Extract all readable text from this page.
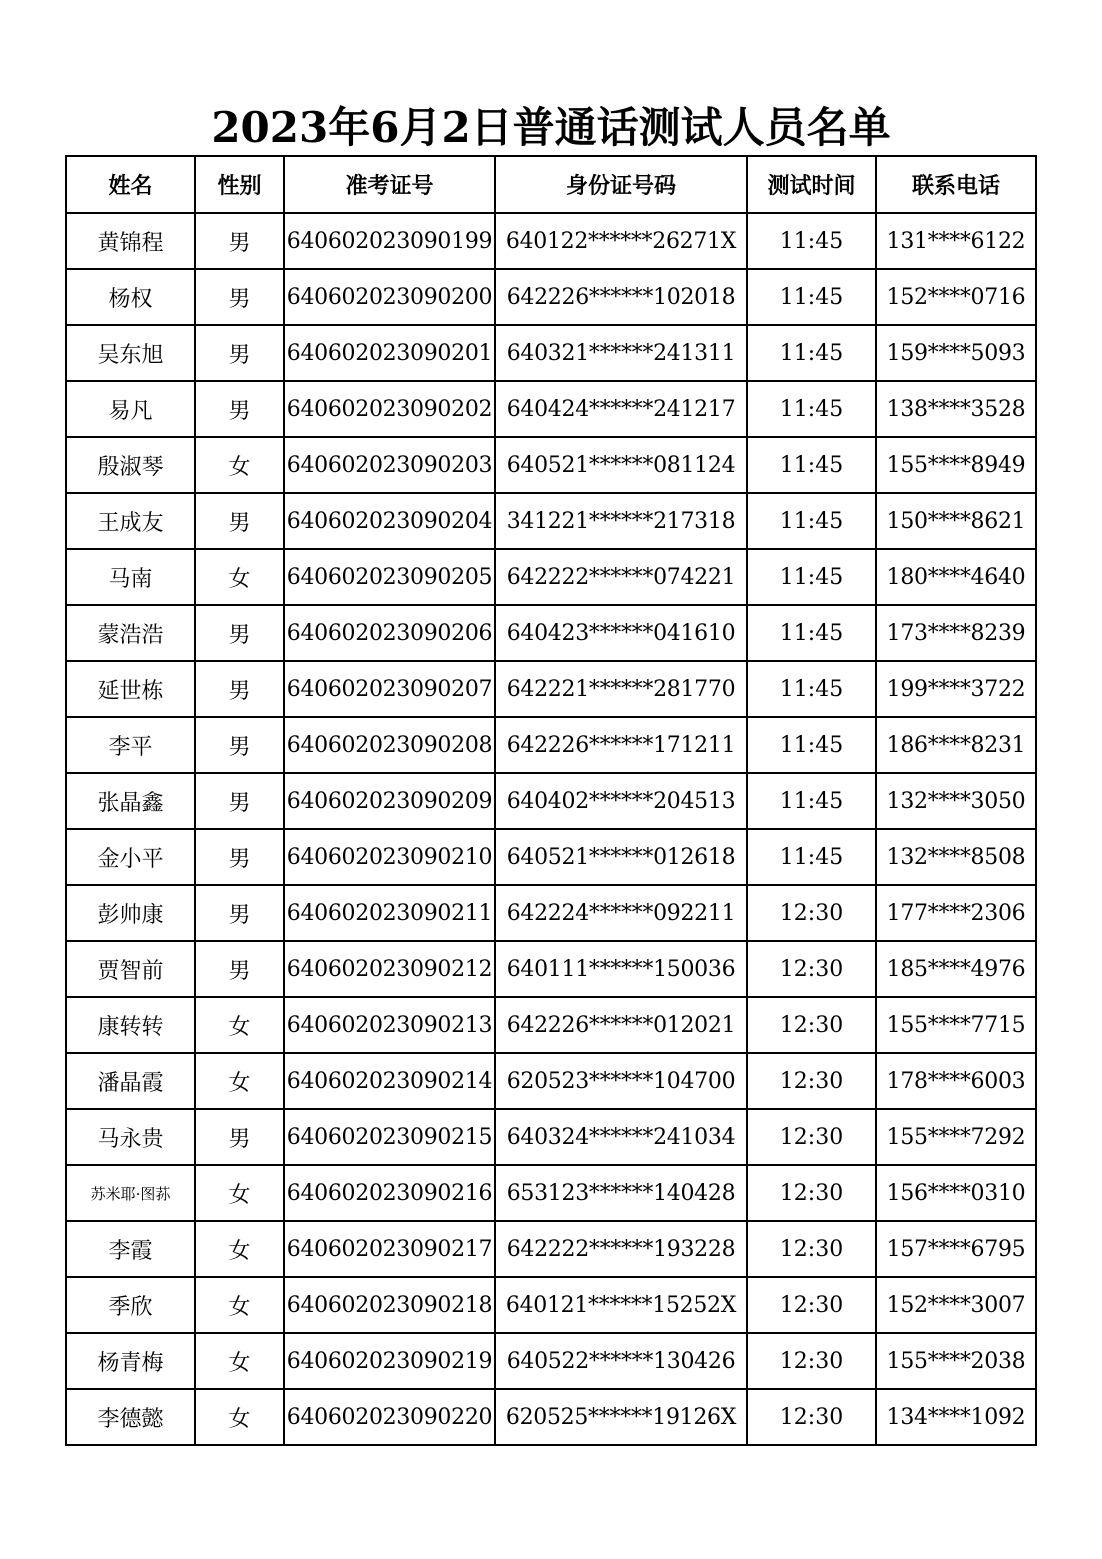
2023年6月2日普通话测试人员名单
姓名	性别	准考证号	身份证号码	测试时间	联系电话
黄锦程	男	640602023090199	640122******26271X	11:45	131****6122
杨权	男	640602023090200	642226******102018	11:45	152****0716
吴东旭	男	640602023090201	640321******241311	11:45	159****5093
易凡	男	640602023090202	640424******241217	11:45	138****3528
殷淑琴	女	640602023090203	640521******081124	11:45	155****8949
王成友	男	640602023090204	341221******217318	11:45	150****8621
马南	女	640602023090205	642222******074221	11:45	180****4640
蒙浩浩	男	640602023090206	640423******041610	11:45	173****8239
延世栋	男	640602023090207	642221******281770	11:45	199****3722
李平	男	640602023090208	642226******171211	11:45	186****8231
张晶鑫	男	640602023090209	640402******204513	11:45	132****3050
金小平	男	640602023090210	640521******012618	11:45	132****8508
彭帅康	男	640602023090211	642224******092211	12:30	177****2306
贾智前	男	640602023090212	640111******150036	12:30	185****4976
康转转	女	640602023090213	642226******012021	12:30	155****7715
潘晶霞	女	640602023090214	620523******104700	12:30	178****6003
马永贵	男	640602023090215	640324******241034	12:30	155****7292
苏米耶·图荪	女	640602023090216	653123******140428	12:30	156****0310
李霞	女	640602023090217	642222******193228	12:30	157****6795
季欣	女	640602023090218	640121******15252X	12:30	152****3007
杨青梅	女	640602023090219	640522******130426	12:30	155****2038
李德懿	女	640602023090220	620525******19126X	12:30	134****1092
